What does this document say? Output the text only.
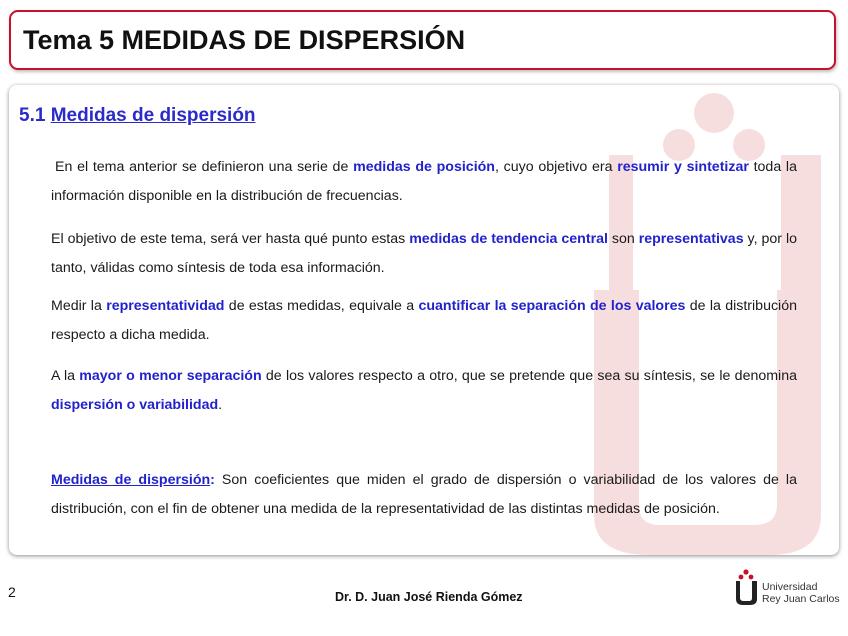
Tema 5 MEDIDAS DE DISPERSIÓN
5.1 Medidas de dispersión

En el tema anterior se definieron una serie de medidas de posición, cuyo objetivo era resumir y sintetizar toda la información disponible en la distribución de frecuencias.

El objetivo de este tema, será ver hasta qué punto estas medidas de tendencia central son representativas y, por lo tanto, válidas como síntesis de toda esa información.

Medir la representatividad de estas medidas, equivale a cuantificar la separación de los valores de la distribución respecto a dicha medida.

A la mayor o menor separación de los valores respecto a otro, que se pretende que sea su síntesis, se le denomina dispersión o variabilidad.

Medidas de dispersión: Son coeficientes que miden el grado de dispersión o variabilidad de los valores de la distribución, con el fin de obtener una medida de la representatividad de las distintas medidas de posición.

2	Dr. D. Juan José Rienda Gómez
Universidad
Rey Juan Carlos
